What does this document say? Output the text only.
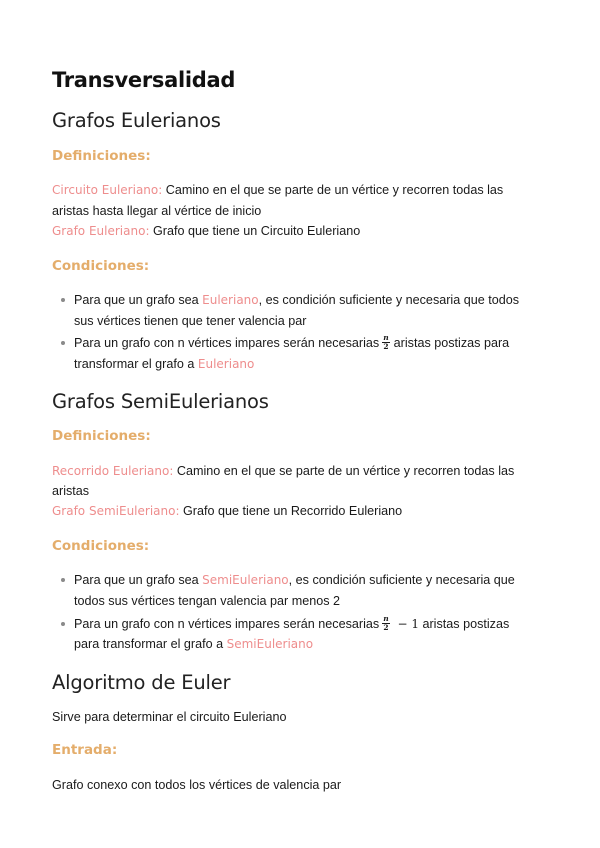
Transversalidad
Grafos Eulerianos
Definiciones:
Circuito Euleriano: Camino en el que se parte de un vértice y recorren todas las
aristas hasta llegar al vértice de inicio
Grafo Euleriano: Grafo que tiene un Circuito Euleriano
Condiciones:
Para que un grafo sea Euleriano, es condición suficiente y necesaria que todos
sus vértices tienen que tener valencia par
Para un grafo con n vértices impares serán necesarias $\frac{n}{2}$ aristas postizas para
transformar el grafo a Euleriano
Grafos SemiEulerianos
Definiciones:
Recorrido Euleriano: Camino en el que se parte de un vértice y recorren todas las
aristas
Grafo SemiEuleriano: Grafo que tiene un Recorrido Euleriano
Condiciones:
Para que un grafo sea SemiEuleriano, es condición suficiente y necesaria que
todos sus vértices tengan valencia par menos 2
Para un grafo con n vértices impares serán necesarias $\frac{n}{2} - 1$ aristas postizas
para transformar el grafo a SemiEuleriano
Algoritmo de Euler
Sirve para determinar el circuito Euleriano
Entrada:
Grafo conexo con todos los vértices de valencia par
